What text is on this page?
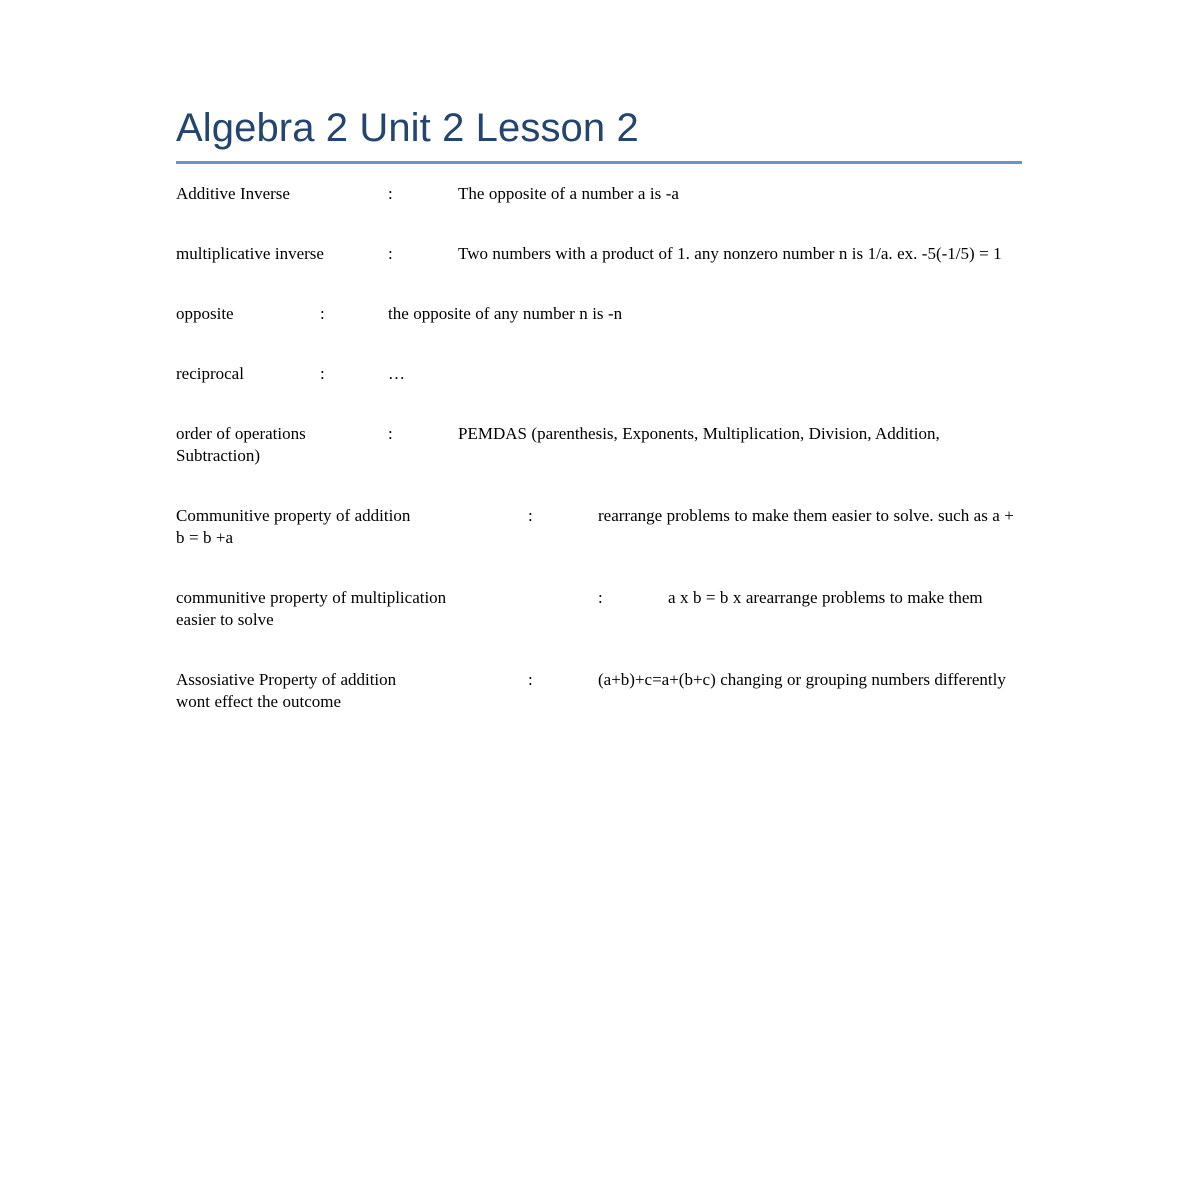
Algebra 2 Unit 2 Lesson 2

Additive Inverse	:	The opposite of a number a is -a

multiplicative inverse	:	Two numbers with a product of 1. any nonzero number n is 1/a. ex. -5(-1/5) = 1

opposite	:	the opposite of any number n is -n

reciprocal	:	…

order of operations	:	PEMDAS (parenthesis, Exponents, Multiplication, Division, Addition, Subtraction)

Communitive property of addition	:	rearrange problems to make them easier to solve. such as a + b = b +a

communitive property of multiplication	:	a x b = b x arearrange problems to make them easier to solve

Assosiative Property of addition	:	(a+b)+c=a+(b+c) changing or grouping numbers differently wont effect the outcome
